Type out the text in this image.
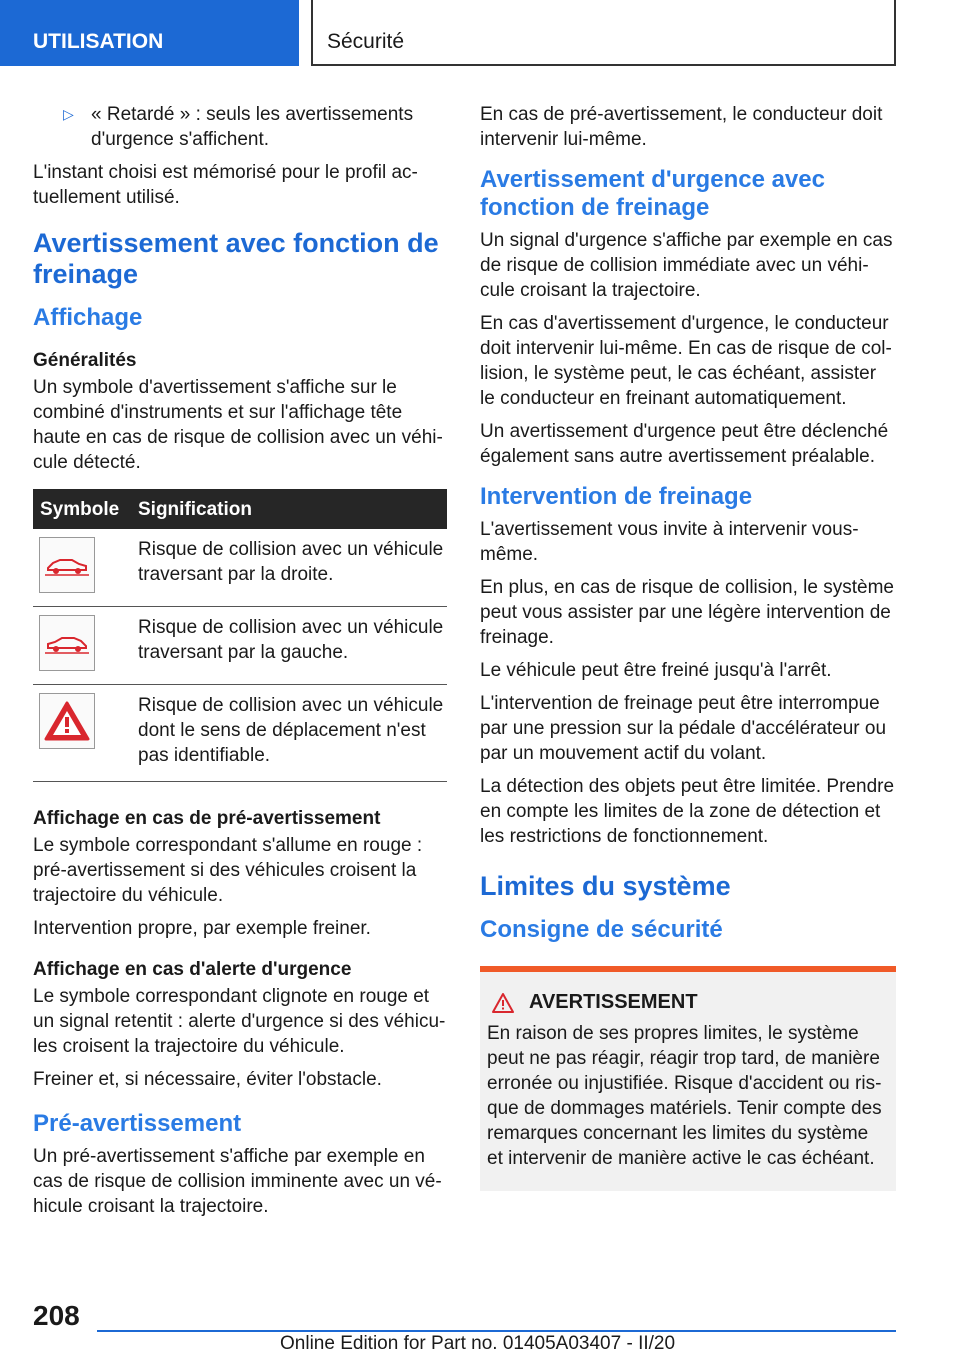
UTILISATION	Sécurité
▷ « Retardé » : seuls les avertissements d'urgence s'affichent.
L'instant choisi est mémorisé pour le profil actuellement utilisé.
Avertissement avec fonction de freinage
Affichage
Généralités
Un symbole d'avertissement s'affiche sur le combiné d'instruments et sur l'affichage tête haute en cas de risque de collision avec un véhicule détecté.
Symbole	Signification

	Risque de collision avec un véhicule traversant par la droite.

	Risque de collision avec un véhicule traversant par la gauche.

	Risque de collision avec un véhicule dont le sens de déplacement n'est pas identifiable.
Affichage en cas de pré-avertissement
Le symbole correspondant s'allume en rouge : pré-avertissement si des véhicules croisent la trajectoire du véhicule.
Intervention propre, par exemple freiner.
Affichage en cas d'alerte d'urgence
Le symbole correspondant clignote en rouge et un signal retentit : alerte d'urgence si des véhicules croisent la trajectoire du véhicule.
Freiner et, si nécessaire, éviter l'obstacle.
Pré-avertissement
Un pré-avertissement s'affiche par exemple en cas de risque de collision imminente avec un véhicule croisant la trajectoire.
En cas de pré-avertissement, le conducteur doit intervenir lui-même.
Avertissement d'urgence avec fonction de freinage
Un signal d'urgence s'affiche par exemple en cas de risque de collision immédiate avec un véhicule croisant la trajectoire.
En cas d'avertissement d'urgence, le conducteur doit intervenir lui-même. En cas de risque de collision, le système peut, le cas échéant, assister le conducteur en freinant automatiquement.
Un avertissement d'urgence peut être déclenché également sans autre avertissement préalable.
Intervention de freinage
L'avertissement vous invite à intervenir vous-même.
En plus, en cas de risque de collision, le système peut vous assister par une légère intervention de freinage.
Le véhicule peut être freiné jusqu'à l'arrêt.
L'intervention de freinage peut être interrompue par une pression sur la pédale d'accélérateur ou par un mouvement actif du volant.
La détection des objets peut être limitée. Prendre en compte les limites de la zone de détection et les restrictions de fonctionnement.
Limites du système
Consigne de sécurité
AVERTISSEMENT
En raison de ses propres limites, le système peut ne pas réagir, réagir trop tard, de manière erronée ou injustifiée. Risque d'accident ou risque de dommages matériels. Tenir compte des remarques concernant les limites du système et intervenir de manière active le cas échéant.
208
Online Edition for Part no. 01405A03407 - II/20
